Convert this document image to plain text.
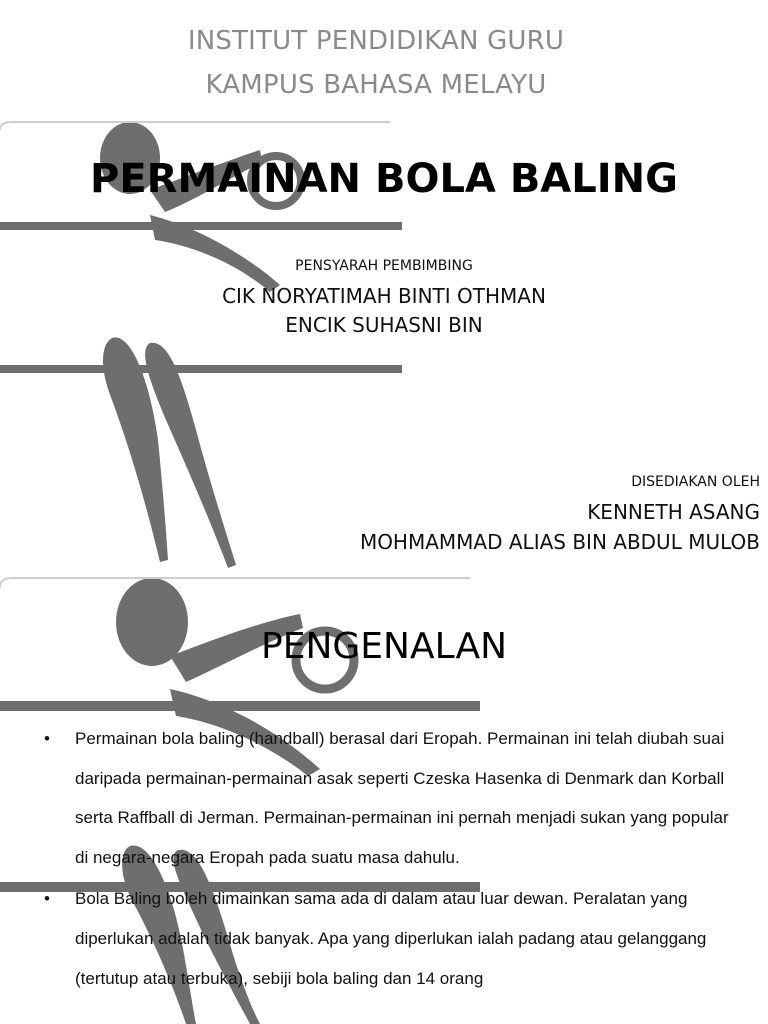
INSTITUT PENDIDIKAN GURU

KAMPUS BAHASA MELAYU

PERMAINAN BOLA BALING

PENSYARAH PEMBIMBING

CIK NORYATIMAH BINTI OTHMAN

ENCIK SUHASNI BIN

DISEDIAKAN OLEH

KENNETH ASANG

MOHMAMMAD ALIAS BIN ABDUL MULOB

PENGENALAN

• Permainan bola baling (handball) berasal dari Eropah. Permainan ini telah diubah suai daripada permainan-permainan asak seperti Czeska Hasenka di Denmark dan Korball serta Raffball di Jerman. Permainan-permainan ini pernah menjadi sukan yang popular di negara-negara Eropah pada suatu masa dahulu.
• Bola Baling boleh dimainkan sama ada di dalam atau luar dewan. Peralatan yang diperlukan adalah tidak banyak. Apa yang diperlukan ialah padang atau gelanggang (tertutup atau terbuka), sebiji bola baling dan 14 orang
